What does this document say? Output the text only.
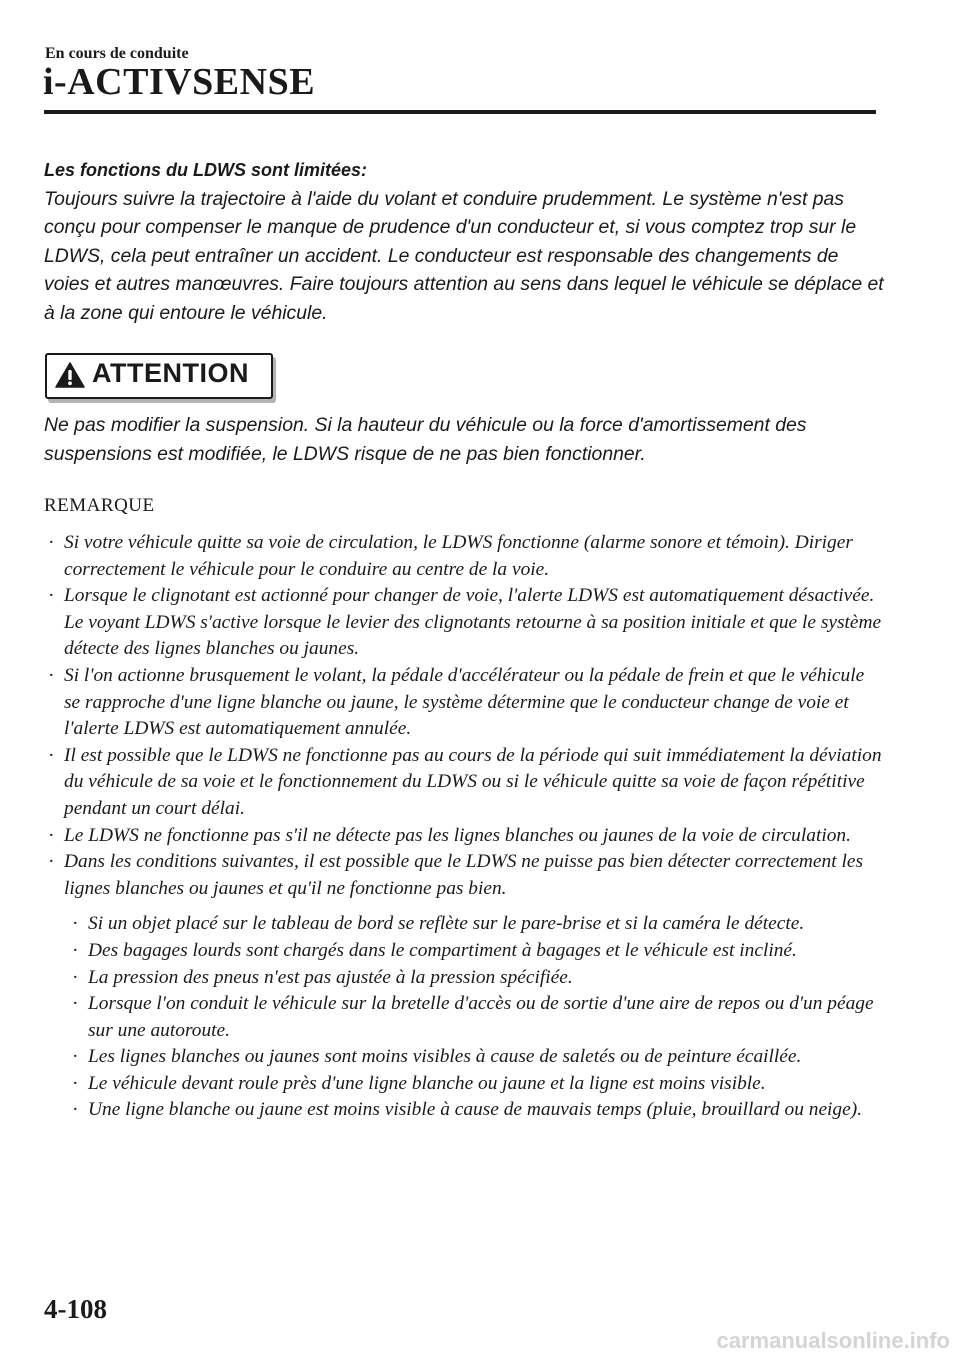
En cours de conduite
i-ACTIVSENSE

Les fonctions du LDWS sont limitées:

Toujours suivre la trajectoire à l'aide du volant et conduire prudemment. Le système n'est pas conçu pour compenser le manque de prudence d'un conducteur et, si vous comptez trop sur le LDWS, cela peut entraîner un accident. Le conducteur est responsable des changements de voies et autres manœuvres. Faire toujours attention au sens dans lequel le véhicule se déplace et à la zone qui entoure le véhicule.

ATTENTION

Ne pas modifier la suspension. Si la hauteur du véhicule ou la force d'amortissement des suspensions est modifiée, le LDWS risque de ne pas bien fonctionner.

REMARQUE
· Si votre véhicule quitte sa voie de circulation, le LDWS fonctionne (alarme sonore et témoin). Diriger correctement le véhicule pour le conduire au centre de la voie.
· Lorsque le clignotant est actionné pour changer de voie, l'alerte LDWS est automatiquement désactivée. Le voyant LDWS s'active lorsque le levier des clignotants retourne à sa position initiale et que le système détecte des lignes blanches ou jaunes.
· Si l'on actionne brusquement le volant, la pédale d'accélérateur ou la pédale de frein et que le véhicule se rapproche d'une ligne blanche ou jaune, le système détermine que le conducteur change de voie et l'alerte LDWS est automatiquement annulée.
· Il est possible que le LDWS ne fonctionne pas au cours de la période qui suit immédiatement la déviation du véhicule de sa voie et le fonctionnement du LDWS ou si le véhicule quitte sa voie de façon répétitive pendant un court délai.
· Le LDWS ne fonctionne pas s'il ne détecte pas les lignes blanches ou jaunes de la voie de circulation.
· Dans les conditions suivantes, il est possible que le LDWS ne puisse pas bien détecter correctement les lignes blanches ou jaunes et qu'il ne fonctionne pas bien.
· Si un objet placé sur le tableau de bord se reflète sur le pare-brise et si la caméra le détecte.
· Des bagages lourds sont chargés dans le compartiment à bagages et le véhicule est incliné.
· La pression des pneus n'est pas ajustée à la pression spécifiée.
· Lorsque l'on conduit le véhicule sur la bretelle d'accès ou de sortie d'une aire de repos ou d'un péage sur une autoroute.
· Les lignes blanches ou jaunes sont moins visibles à cause de saletés ou de peinture écaillée.
· Le véhicule devant roule près d'une ligne blanche ou jaune et la ligne est moins visible.
· Une ligne blanche ou jaune est moins visible à cause de mauvais temps (pluie, brouillard ou neige).
4-108
carmanualsonline.info
